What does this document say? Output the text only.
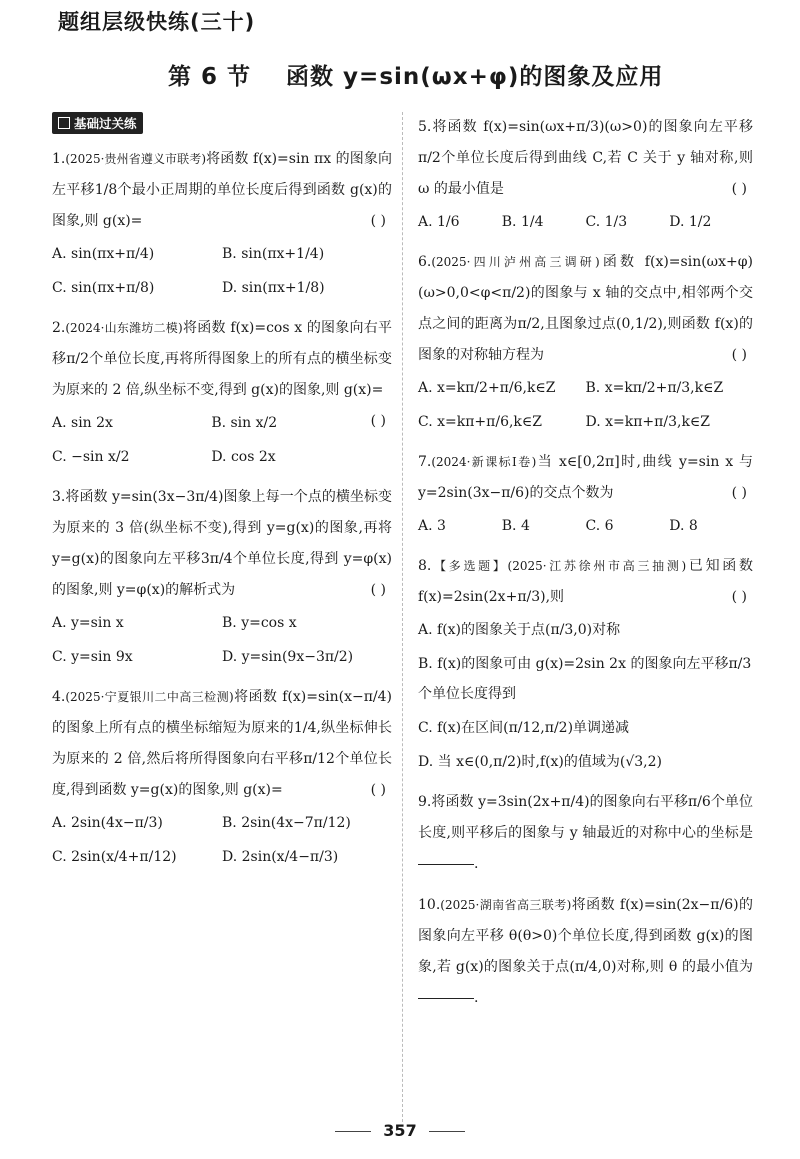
题组层级快练(三十)
第 6 节 函数 y=sin(ωx+φ)的图象及应用
基础过关练

1.(2025·贵州省遵义市联考)将函数 f(x)=sin πx 的图象向左平移1/8个最小正周期的单位长度后得到函数 g(x)的图象,则 g(x)=	( )

A. sin(πx+π/4)	B. sin(πx+1/4)
C. sin(πx+π/8)	D. sin(πx+1/8)

2.(2024·山东潍坊二模)将函数 f(x)=cos x 的图象向右平移π/2个单位长度,再将所得图象上的所有点的横坐标变为原来的 2 倍,纵坐标不变,得到 g(x)的图象,则 g(x)=
( )

A. sin 2x	B. sin x/2
C. −sin x/2	D. cos 2x

3.将函数 y=sin(3x−3π/4)图象上每一个点的横坐标变为原来的 3 倍(纵坐标不变),得到 y=g(x)的图象,再将 y=g(x)的图象向左平移3π/4个单位长度,得到 y=φ(x)的图象,则 y=φ(x)的解析式为	( )

A. y=sin x	B. y=cos x
C. y=sin 9x	D. y=sin(9x−3π/2)

4.(2025·宁夏银川二中高三检测)将函数 f(x)=sin(x−π/4)的图象上所有点的横坐标缩短为原来的1/4,纵坐标伸长为原来的 2 倍,然后将所得图象向右平移π/12个单位长度,得到函数 y=g(x)的图象,则 g(x)=	( )

A. 2sin(4x−π/3)	B. 2sin(4x−7π/12)
C. 2sin(x/4+π/12)	D. 2sin(x/4−π/3)

5.将函数 f(x)=sin(ωx+π/3)(ω>0)的图象向左平移π/2个单位长度后得到曲线 C,若 C 关于 y 轴对称,则 ω 的最小值是	( )

A. 1/6	B. 1/4	C. 1/3	D. 1/2

6.(2025·四川泸州高三调研)函数 f(x)=sin(ωx+φ)(ω>0,0<φ<π/2)的图象与 x 轴的交点中,相邻两个交点之间的距离为π/2,且图象过点(0,1/2),则函数 f(x)的图象的对称轴方程为	( )

A. x=kπ/2+π/6,k∈Z	B. x=kπ/2+π/3,k∈Z
C. x=kπ+π/6,k∈Z	D. x=kπ+π/3,k∈Z

7.(2024·新课标Ⅰ卷)当 x∈[0,2π]时,曲线 y=sin x 与 y=2sin(3x−π/6)的交点个数为	( )

A. 3	B. 4	C. 6	D. 8

8.【多选题】(2025·江苏徐州市高三抽测)已知函数 f(x)=2sin(2x+π/3),则	( )

A. f(x)的图象关于点(π/3,0)对称
B. f(x)的图象可由 g(x)=2sin 2x 的图象向左平移π/3个单位长度得到
C. f(x)在区间(π/12,π/2)单调递减
D. 当 x∈(0,π/2)时,f(x)的值域为(√3,2)

9.将函数 y=3sin(2x+π/4)的图象向右平移π/6个单位长度,则平移后的图象与 y 轴最近的对称中心的坐标是.

10.(2025·湖南省高三联考)将函数 f(x)=sin(2x−π/6)的图象向左平移 θ(θ>0)个单位长度,得到函数 g(x)的图象,若 g(x)的图象关于点(π/4,0)对称,则 θ 的最小值为.

357
